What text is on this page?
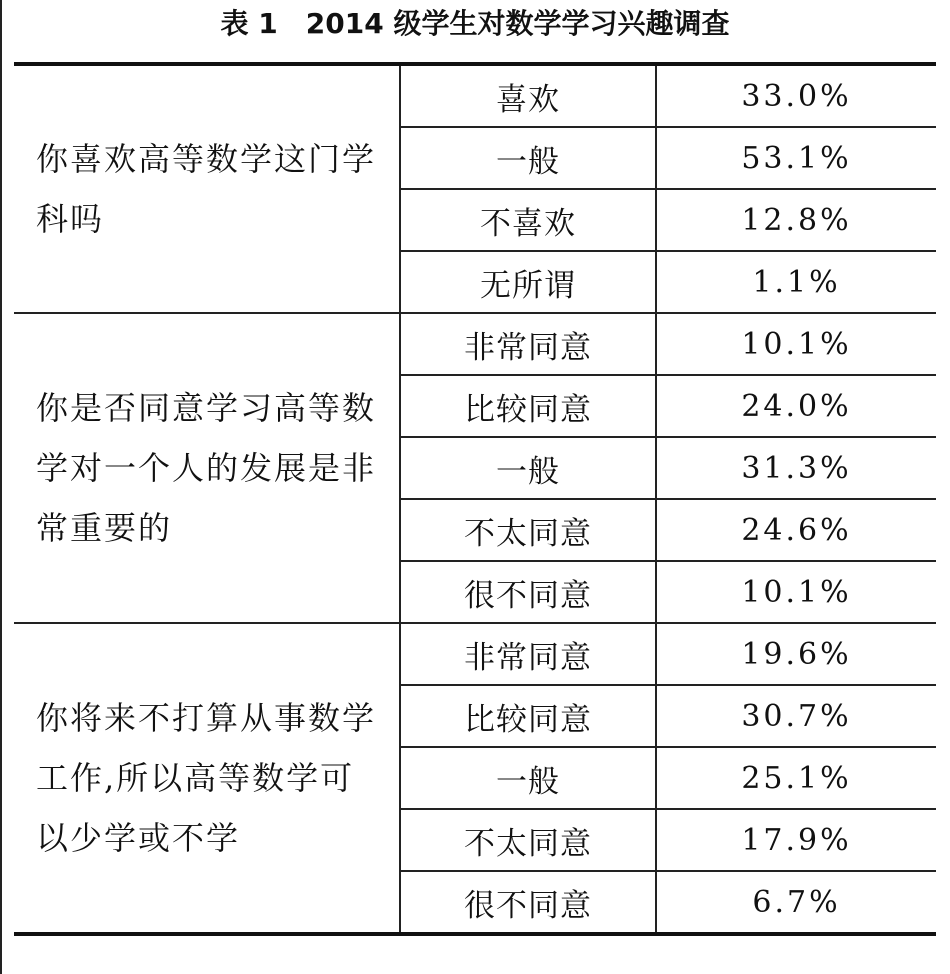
表 1 2014 级学生对数学学习兴趣调查
你喜欢高等数学这门学科吗	喜欢	33.0%
	一般	53.1%
	不喜欢	12.8%
	无所谓	1.1%
你是否同意学习高等数学对一个人的发展是非常重要的	非常同意	10.1%
	比较同意	24.0%
	一般	31.3%
	不太同意	24.6%
	很不同意	10.1%
你将来不打算从事数学工作,所以高等数学可以少学或不学	非常同意	19.6%
	比较同意	30.7%
	一般	25.1%
	不太同意	17.9%
	很不同意	6.7%
